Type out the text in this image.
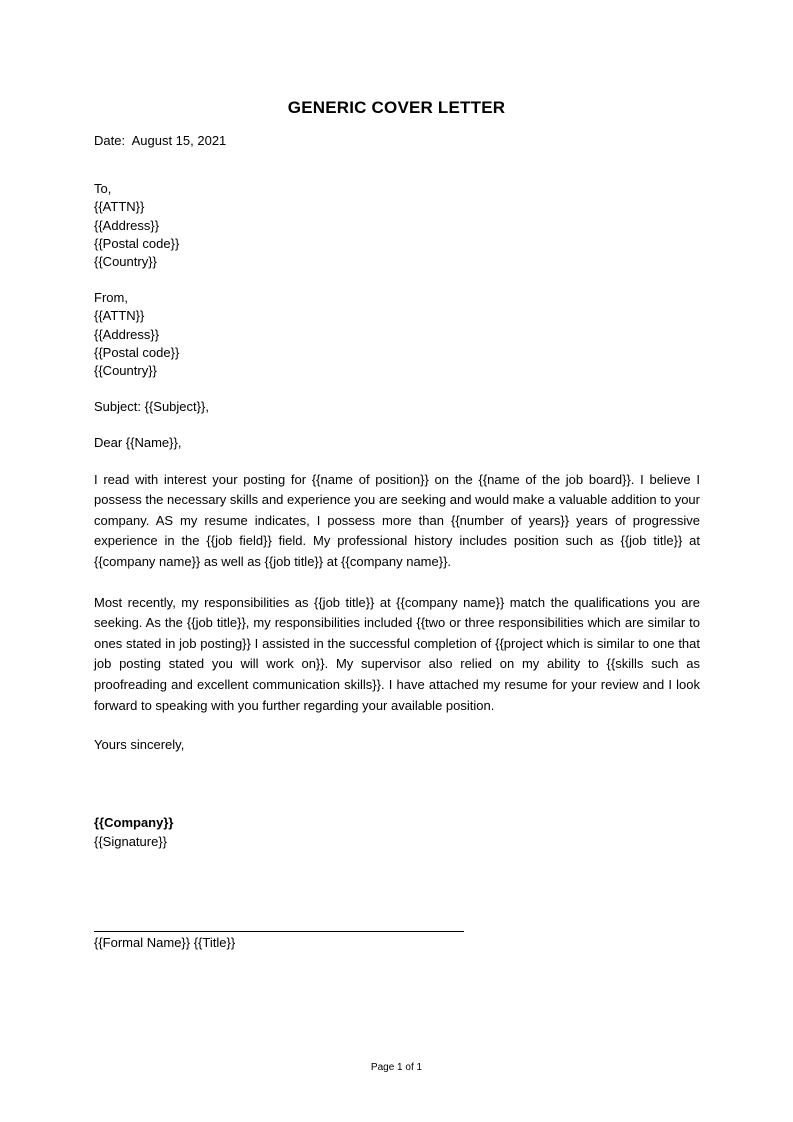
GENERIC COVER LETTER
Date: August 15, 2021
To,
{{ATTN}}
{{Address}}
{{Postal code}}
{{Country}}
From,
{{ATTN}}
{{Address}}
{{Postal code}}
{{Country}}
Subject: {{Subject}},
Dear {{Name}},
I read with interest your posting for {{name of position}} on the {{name of the job board}}. I believe I possess the necessary skills and experience you are seeking and would make a valuable addition to your company. AS my resume indicates, I possess more than {{number of years}} years of progressive experience in the {{job field}} field. My professional history includes position such as {{job title}} at {{company name}} as well as {{job title}} at {{company name}}.
Most recently, my responsibilities as {{job title}} at {{company name}} match the qualifications you are seeking. As the {{job title}}, my responsibilities included {{two or three responsibilities which are similar to ones stated in job posting}} I assisted in the successful completion of {{project which is similar to one that job posting stated you will work on}}. My supervisor also relied on my ability to {{skills such as proofreading and excellent communication skills}}. I have attached my resume for your review and I look forward to speaking with you further regarding your available position.
Yours sincerely,
{{Company}}
{{Signature}}
{{Formal Name}} {{Title}}
Page 1 of 1
